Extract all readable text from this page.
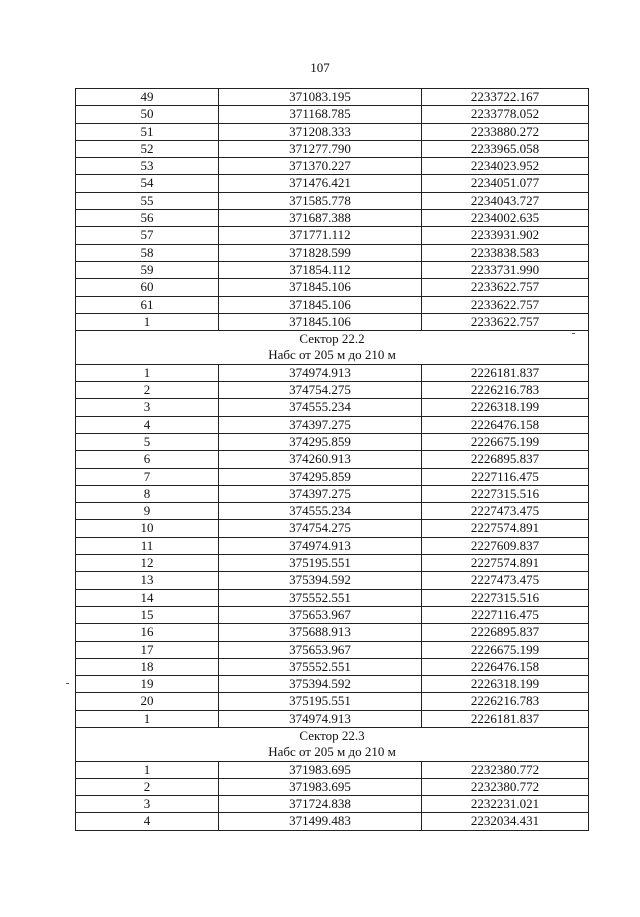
107
49	371083.195	2233722.167
50	371168.785	2233778.052
51	371208.333	2233880.272
52	371277.790	2233965.058
53	371370.227	2234023.952
54	371476.421	2234051.077
55	371585.778	2234043.727
56	371687.388	2234002.635
57	371771.112	2233931.902
58	371828.599	2233838.583
59	371854.112	2233731.990
60	371845.106	2233622.757
61	371845.106	2233622.757
1	371845.106	2233622.757

Сектор 22.2
Набс от 205 м до 210 м		

1	374974.913	2226181.837
2	374754.275	2226216.783
3	374555.234	2226318.199
4	374397.275	2226476.158
5	374295.859	2226675.199
6	374260.913	2226895.837
7	374295.859	2227116.475
8	374397.275	2227315.516
9	374555.234	2227473.475
10	374754.275	2227574.891
11	374974.913	2227609.837
12	375195.551	2227574.891
13	375394.592	2227473.475
14	375552.551	2227315.516
15	375653.967	2227116.475
16	375688.913	2226895.837
17	375653.967	2226675.199
18	375552.551	2226476.158
19	375394.592	2226318.199
20	375195.551	2226216.783
1	374974.913	2226181.837

Сектор 22.3
Набс от 205 м до 210 м		

1	371983.695	2232380.772
2	371983.695	2232380.772
3	371724.838	2232231.021
4	371499.483	2232034.431
